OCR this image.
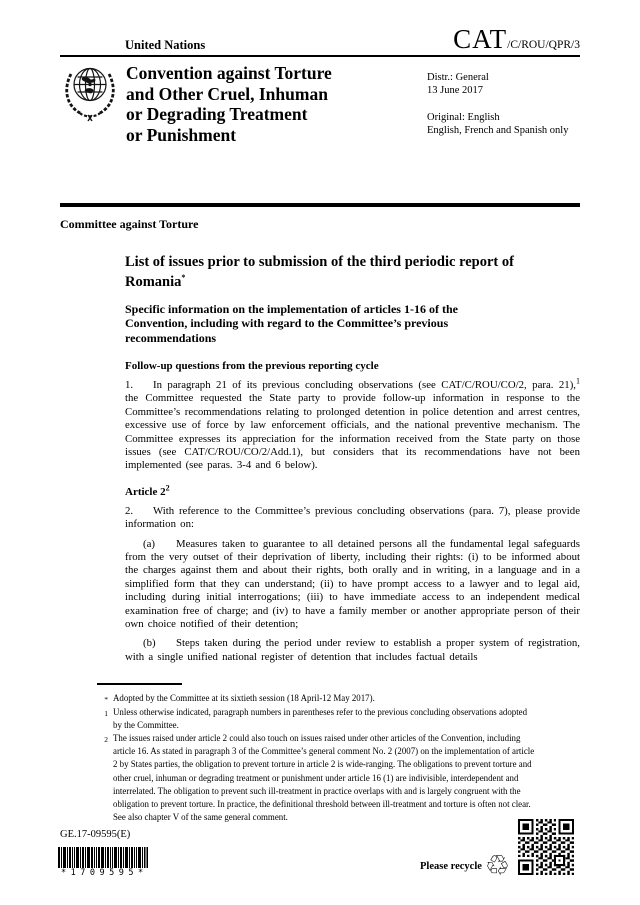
United Nations	CAT/C/ROU/QPR/3
Convention against Torture
and Other Cruel, Inhuman
or Degrading Treatment
or Punishment
Distr.: General
13 June 2017
Original: English
English, French and Spanish only
Committee against Torture
List of issues prior to submission of the third periodic report of Romania*
Specific information on the implementation of articles 1-16 of the Convention, including with regard to the Committee’s previous recommendations
Follow-up questions from the previous reporting cycle

1. In paragraph 21 of its previous concluding observations (see CAT/C/ROU/CO/2, para. 21),$^1$ the Committee requested the State party to provide follow-up information in response to the Committee’s recommendations relating to prolonged detention in police detention and arrest centres, excessive use of force by law enforcement officials, and the national preventive mechanism. The Committee expresses its appreciation for the information received from the State party on those issues (see CAT/C/ROU/CO/2/Add.1), but considers that its recommendations have not been implemented (see paras. 3-4 and 6 below).

Article $2^2$

2. With reference to the Committee’s previous concluding observations (para. 7), please provide information on:

(a) Measures taken to guarantee to all detained persons all the fundamental legal safeguards from the very outset of their deprivation of liberty, including their rights: (i) to be informed about the charges against them and about their rights, both orally and in writing, in a language and in a simplified form that they can understand; (ii) to have prompt access to a lawyer and to legal aid, including during initial interrogations; (iii) to have immediate access to an independent medical examination free of charge; and (iv) to have a family member or another appropriate person of their own choice notified of their detention;

(b) Steps taken during the period under review to establish a proper system of registration, with a single unified national register of detention that includes factual details

* Adopted by the Committee at its sixtieth session (18 April-12 May 2017).
1 Unless otherwise indicated, paragraph numbers in parentheses refer to the previous concluding observations adopted by the Committee.
2 The issues raised under article 2 could also touch on issues raised under other articles of the Convention, including article 16. As stated in paragraph 3 of the Committee’s general comment No. 2 (2007) on the implementation of article 2 by States parties, the obligation to prevent torture in article 2 is wide-ranging. The obligations to prevent torture and other cruel, inhuman or degrading treatment or punishment under article 16 (1) are indivisible, interdependent and interrelated. The obligation to prevent such ill-treatment in practice overlaps with and is largely congruent with the obligation to prevent torture. In practice, the definitional threshold between ill-treatment and torture is often not clear. See also chapter V of the same general comment.
GE.17-09595(E)
*1709595*
Please recycle ♲
